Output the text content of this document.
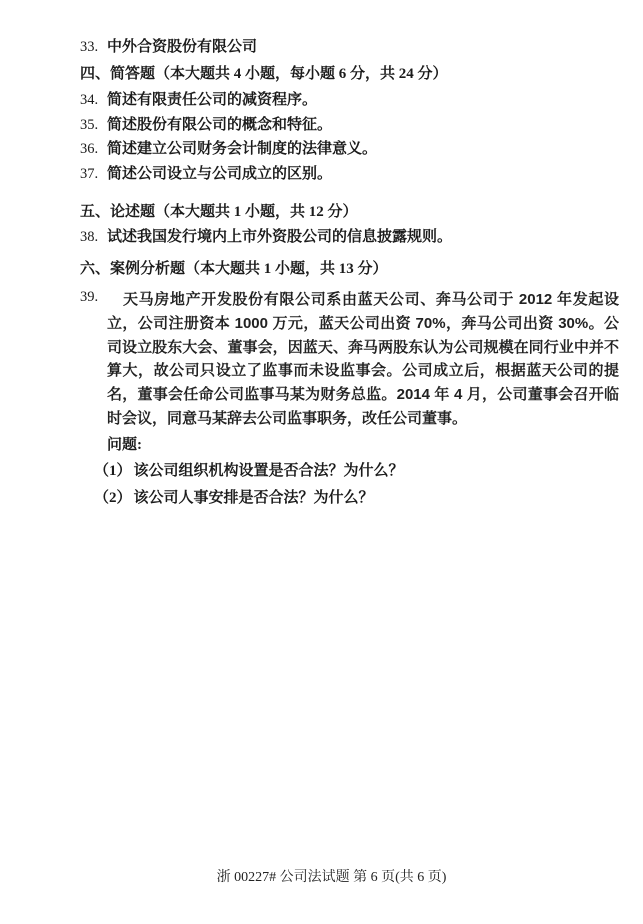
33. 中外合资股份有限公司
四、简答题（本大题共 4 小题，每小题 6 分，共 24 分）
34. 简述有限责任公司的减资程序。
35. 简述股份有限公司的概念和特征。
36. 简述建立公司财务会计制度的法律意义。
37. 简述公司设立与公司成立的区别。
五、论述题（本大题共 1 小题，共 12 分）
38. 试述我国发行境内上市外资股公司的信息披露规则。
六、案例分析题（本大题共 1 小题，共 13 分）
39.	天马房地产开发股份有限公司系由蓝天公司、奔马公司于 2012 年发起设立，公司注册资本 1000 万元，蓝天公司出资 70%，奔马公司出资 30%。公司设立股东大会、董事会，因蓝天、奔马两股东认为公司规模在同行业中并不算大，故公司只设立了监事而未设监事会。公司成立后，根据蓝天公司的提名，董事会任命公司监事马某为财务总监。2014 年 4 月，公司董事会召开临时会议，同意马某辞去公司监事职务，改任公司董事。
问题:
（1） 该公司组织机构设置是否合法？为什么？
（2） 该公司人事安排是否合法？为什么？
浙 00227# 公司法试题 第 6 页(共 6 页)
